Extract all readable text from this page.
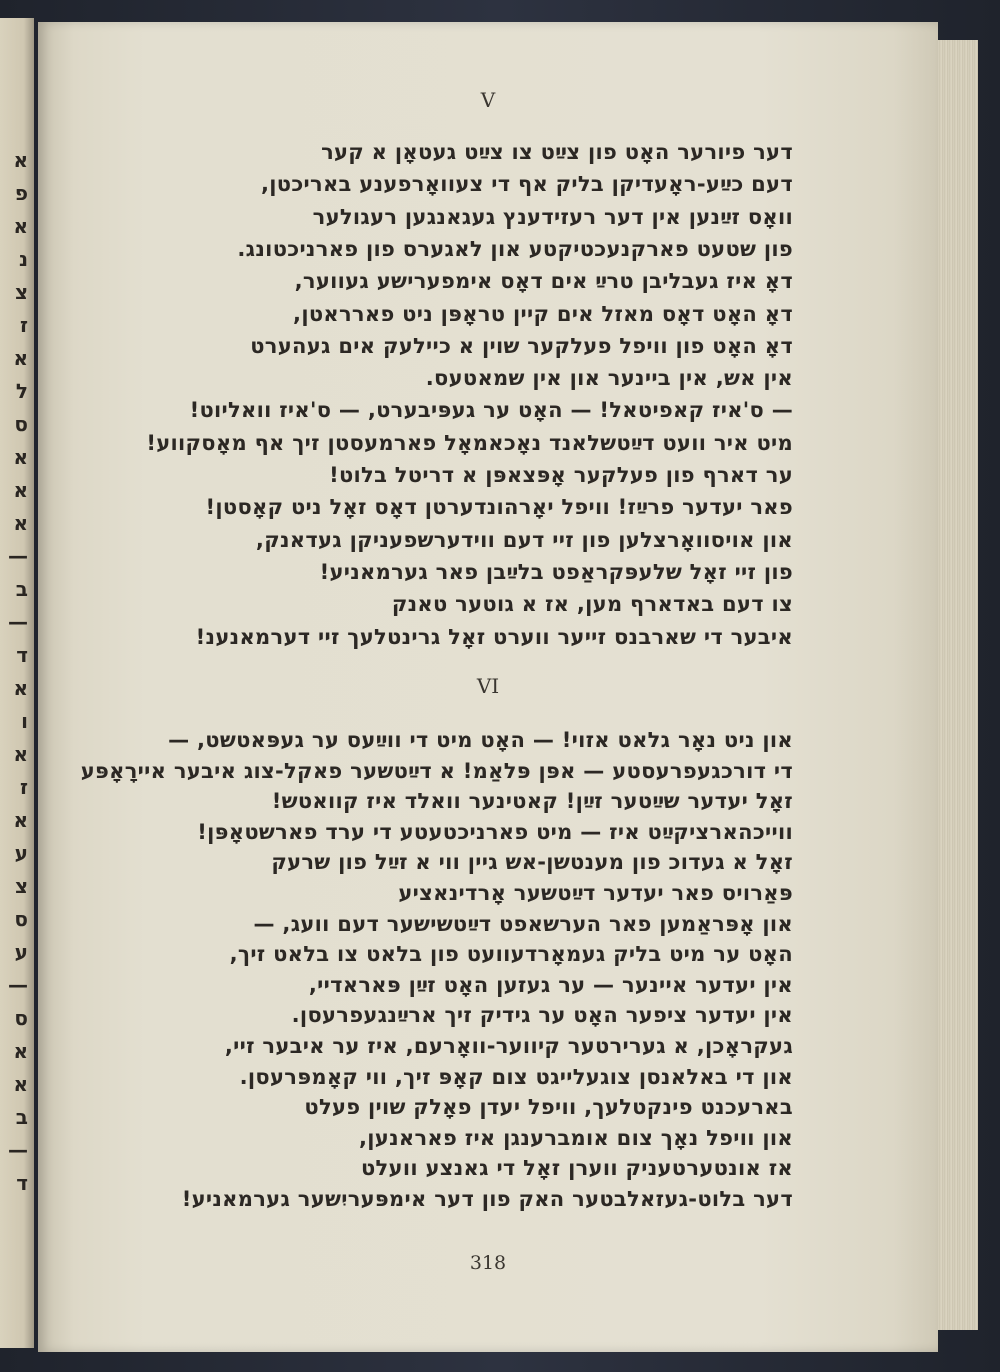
א
פ
א
נ
צ
ז
א
ל
ס
א
א
א
—
ב
—
ד
א
ו
א
ז
א
ע
צ
ס
ע
—
ס
א
א
ב
—
ד
V
דער פיורער האָט פון צײַט צו צײַט געטאָן א קער
דעם כײַע-ראָעדיקן בליק אף די צעוואָרפענע באריכטן,
וואָס זײַנען אין דער רעזידענץ געגאנגען רעגולער
פון שטעט פארקנעכטיקטע און לאגערס פון פארניכטונג.
דאָ איז געבליבן טרײַ אים דאָס אימפערישע געווער,
דאָ האָט דאָס מאזל אים קיין טראָפּן ניט פארראטן,
דאָ האָט פון וויפל פעלקער שוין א כיילעק אים געהערט
אין אש, אין ביינער און אין שמאטעס.
— ס'איז קאפיטאל! — האָט ער געפּיבערט, — ס'איז וואליוט!
מיט איר וועט דײַטשלאנד נאָכאמאָל פארמעסטן זיך אף מאָסקווע!
ער דארף פון פעלקער אָפּצאפּן א דריטל בלוט!
פאר יעדער פרײַז! וויפל יאָרהונדערטן דאָס זאָל ניט קאָסטן!
און אויסוואָרצלען פון זיי דעם ווידערשפעניקן געדאנק,
פון זיי זאָל שלעפּקראַפט בלײַבן פאר גערמאניע!
צו דעם באדארף מען, אז א גוטער טאנק
איבער די שארבנס זייער ווערט זאָל גרינטלעך זיי דערמאנענ!
VI
און ניט נאָר גלאט אזוי! — האָט מיט די ווײַעס ער געפּאטשט, —
די דורכגעפרעסטע — אפּן פּלאַמ! א דײַטשער פאקל-צוג איבער איירָאָפּע
זאָל יעדער שײַטער זײַן! קאטינער וואלד איז קוואטש!
ווייכהארציקײַט איז — מיט פארניכטעטע די ערד פארשטאָפּן!
זאָל א געדוכ פון מענטשן-אש גיין ווי א זײַל פון שרעק
פּאַרויס פאר יעדער דײַטשער אָרדינאציע
און אָפּראַמען פאר הערשאפט דײַטשישער דעם וועג, —
האָט ער מיט בליק געמאָרדעוועט פון בלאט צו בלאט זיך,
אין יעדער איינער — ער געזען האָט זײַן פּאראדיי,
אין יעדער ציפער האָט ער גידיק זיך ארײַנגעפרעסן.
געקראָכן, א גערירטער קיווער-וואָרעם, איז ער איבער זיי,
און די באלאנסן צוגעלייגט צום קאָפּ זיך, ווי קאָמפּרעסן.
בארעכנט פינקטלעך, וויפל יעדן פאָלק שוין פעלט
און וויפל נאָך צום אומברענגן איז פאראנען,
אז אונטערטעניק ווערן זאָל די גאנצע וועלט
דער בלוט-געזאלבטער האק פון דער אימפּעריִשער גערמאניע!
318
